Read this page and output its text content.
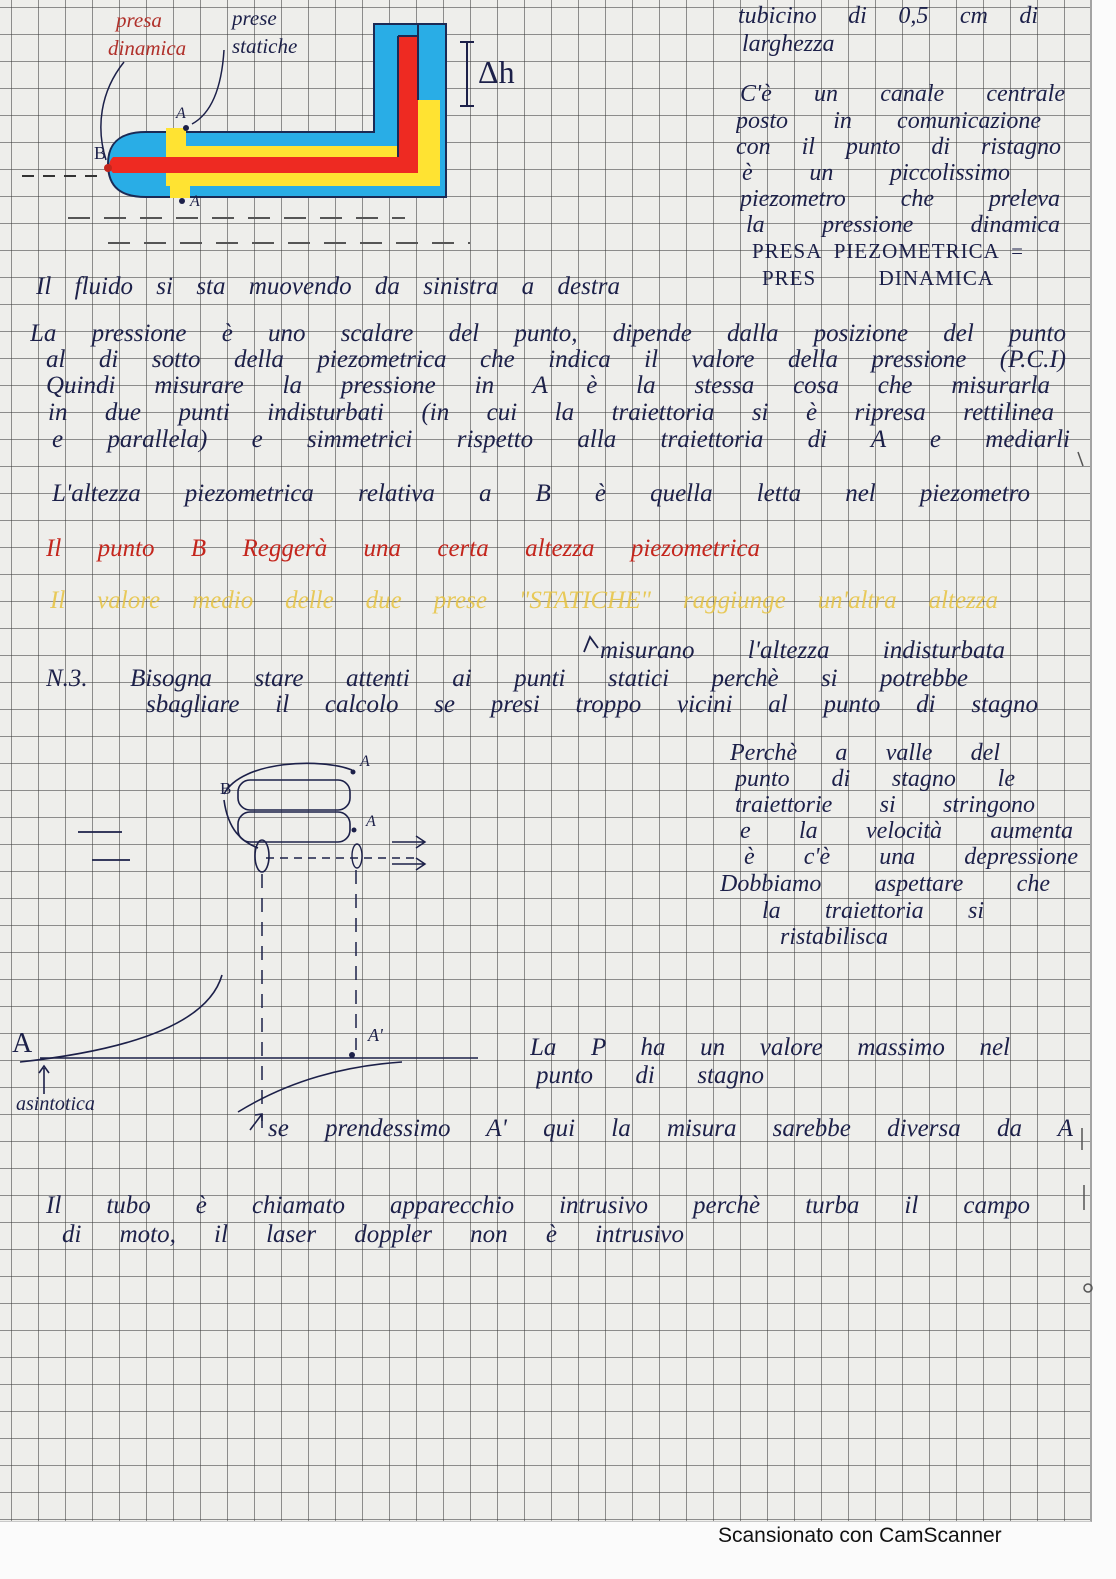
presa
dinamica
prese
statiche
Δh
A
B
A
tubicino di 0,5 cm di
larghezza
C'è un canale centrale
posto in comunicazione
con il punto di ristagno
è un piccolissimo
piezometro che preleva
la pressione dinamica
PRESA PIEZOMETRICA =
PRES DINAMICA
Il fluido si sta muovendo da sinistra a destra
La pressione è uno scalare del punto, dipende dalla posizione del punto
al di sotto della piezometrica che indica il valore della pressione (P.C.I)
Quindi misurare la pressione in A è la stessa cosa che misurarla
in due punti indisturbati (in cui la traiettoria si è ripresa rettilinea
e parallela) e simmetrici rispetto alla traiettoria di A e mediarli
L'altezza piezometrica relativa a B è quella letta nel piezometro
Il punto B Reggerà una certa altezza piezometrica
Il valore medio delle due prese "STATICHE" raggiunge un'altra altezza
misurano l'altezza indisturbata
N.3. Bisogna stare attenti ai punti statici perchè si potrebbe
sbagliare il calcolo se presi troppo vicini al punto di stagno
Perchè a valle del
punto di stagno le
traiettorie si stringono
e la velocità aumenta
è c'è una depressione
Dobbiamo aspettare che
la traiettoria si
ristabilisca
B
A
A
A
asintotica
A'	La P ha un valore massimo nel
punto di stagno
se prendessimo A' qui la misura sarebbe diversa da A
Il tubo è chiamato apparecchio intrusivo perchè turba il campo
di moto, il laser doppler non è intrusivo
Scansionato con CamScanner
